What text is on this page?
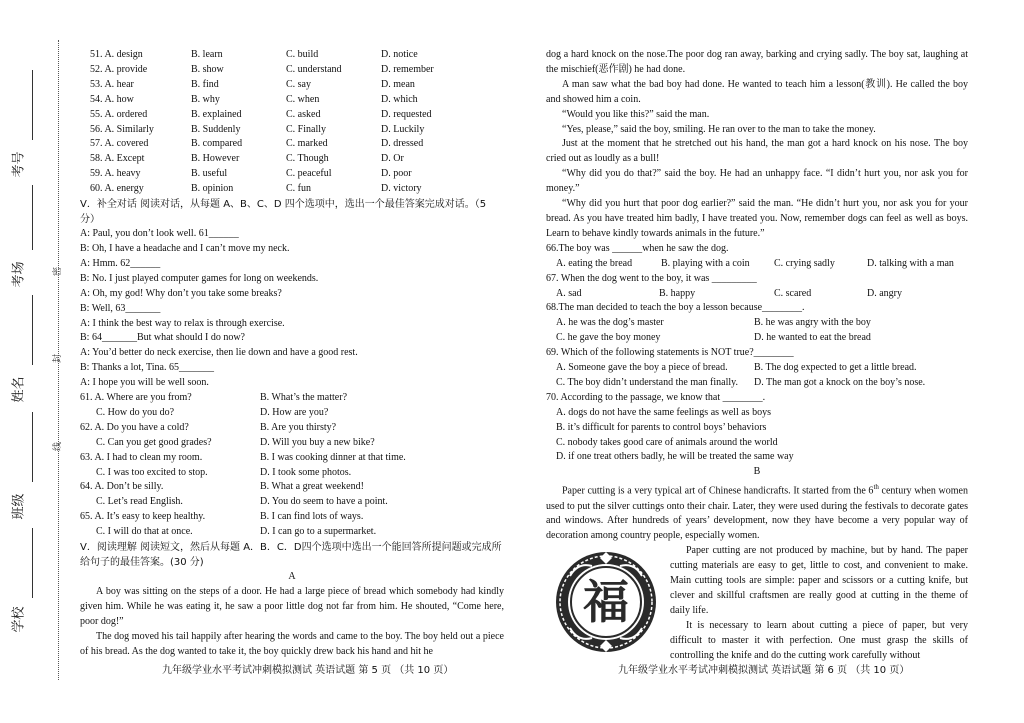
考号
考场
姓名
班级
学校
密
封
线
51. A. design	B. learn	C. build	D. notice
52. A. provide	B. show	C. understand	D. remember
53. A. hear	B. find	C. say	D. mean
54. A. how	B. why	C. when	D. which
55. A. ordered	B. explained	C. asked	D. requested
56. A. Similarly	B. Suddenly	C. Finally	D. Luckily
57. A. covered	B. compared	C. marked	D. dressed
58. A. Except	B. However	C. Though	D. Or
59. A. heavy	B. useful	C. peaceful	D. poor
60. A. energy	B. opinion	C. fun	D. victory
V．补全对话 阅读对话，从每题 A、B、C、D 四个选项中，选出一个最佳答案完成对话。（5 分）
A: Paul, you don’t look well. 61______
B: Oh, I have a headache and I can’t move my neck.
A: Hmm. 62______
B: No. I just played computer games for long on weekends.
A: Oh, my god! Why don’t you take some breaks?
B: Well, 63_______
A: I think the best way to relax is through exercise.
B: 64_______But what should I do now?
A: You’d better do neck exercise, then lie down and have a good rest.
B: Thanks a lot, Tina. 65_______
A: I hope you will be well soon.
61. A. Where are you from?	B. What’s the matter?
C. How do you do?	D. How are you?
62. A. Do you have a cold?	B. Are you thirsty?
C. Can you get good grades?	D. Will you buy a new bike?
63. A. I had to clean my room.	B. I was cooking dinner at that time.
C. I was too excited to stop.	D. I took some photos.
64. A. Don’t be silly.	B. What a great weekend!
C. Let’s read English.	D. You do seem to have a point.
65. A. It’s easy to keep healthy.	B. I can find lots of ways.
C. I will do that at once.	D. I can go to a supermarket.
V．阅读理解 阅读短文，然后从每题 A．B．C．D四个选项中选出一个能回答所提问题或完成所给句子的最佳答案。(30 分)
A
A boy was sitting on the steps of a door. He had a large piece of bread which somebody had kindly given him. While he was eating it, he saw a poor little dog not far from him. He shouted, “Come here, poor dog!”
The dog moved his tail happily after hearing the words and came to the boy. The boy held out a piece of his bread. As the dog wanted to take it, the boy quickly drew back his hand and hit he
九年级学业水平考试冲刺模拟测试 英语试题 第 5 页 （共 10 页）
dog a hard knock on the nose.The poor dog ran away, barking and crying sadly. The boy sat, laughing at the mischief(恶作剧) he had done.
A man saw what the bad boy had done. He wanted to teach him a lesson(教训). He called the boy and showed him a coin.
“Would you like this?” said the man.
“Yes, please,” said the boy, smiling. He ran over to the man to take the money.
Just at the moment that he stretched out his hand, the man got a hard knock on his nose. The boy cried out as loudly as a bull!
“Why did you do that?” said the boy. He had an unhappy face. “I didn’t hurt you, nor ask you for money.”
“Why did you hurt that poor dog earlier?” said the man. “He didn’t hurt you, nor ask you for your bread. As you have treated him badly, I have treated you. Now, remember dogs can feel as well as boys. Learn to behave kindly towards animals in the future.”
66.The boy was ______when he saw the dog.
A. eating the bread	B. playing with a coin	C. crying sadly	D. talking with a man
67. When the dog went to the boy, it was _________
A. sad	B. happy	C. scared	D. angry
68.The man decided to teach the boy a lesson because________.
A. he was the dog’s master	B. he was angry with the boy
C. he gave the boy money	D. he wanted to eat the bread
69. Which of the following statements is NOT true?________
A. Someone gave the boy a piece of bread.	B. The dog expected to get a little bread.
C. The boy didn’t understand the man finally.	D. The man got a knock on the boy’s nose.
70. According to the passage, we know that ________.
A. dogs do not have the same feelings as well as boys
B. it’s difficult for parents to control boys’ behaviors
C. nobody takes good care of animals around the world
D. if one treat others badly, he will be treated the same way
B
Paper cutting is a very typical art of Chinese handicrafts. It started from the 6th century when women used to put the silver cuttings onto their chair. Later, they were used during the festivals to decorate gates and windows. After hundreds of years’ development, now they have become a very popular way of decoration among country people, especially women.
福
Paper cutting are not produced by machine, but by hand. The paper cutting materials are easy to get, little to cost, and convenient to make. Main cutting tools are simple: paper and scissors or a cutting knife, but clever and skillful craftsmen are really good at cutting in the theme of daily life.
It is necessary to learn about cutting a piece of paper, but very difficult to master it with perfection. One must grasp the skills of controlling the knife and do the cutting work carefully without
九年级学业水平考试冲刺模拟测试 英语试题 第 6 页 （共 10 页）
